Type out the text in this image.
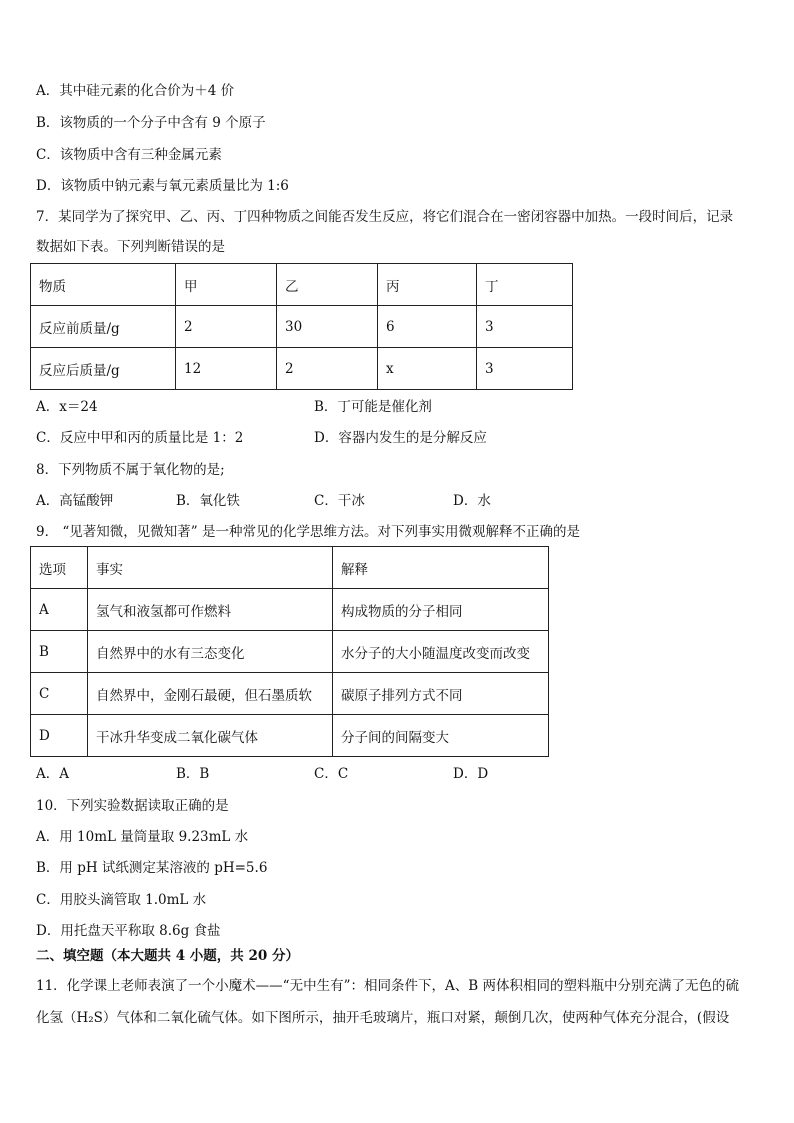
A．其中硅元素的化合价为＋4 价
B．该物质的一个分子中含有 9 个原子
C．该物质中含有三种金属元素
D．该物质中钠元素与氧元素质量比为 1:6
7．某同学为了探究甲、乙、丙、丁四种物质之间能否发生反应，将它们混合在一密闭容器中加热。一段时间后，记录
数据如下表。下列判断错误的是
物质	甲	乙	丙	丁
反应前质量/g	2	30	6	3
反应后质量/g	12	2	x	3
A．x＝24	B．丁可能是催化剂
C．反应中甲和丙的质量比是 1：2	D．容器内发生的是分解反应
8．下列物质不属于氧化物的是;
A．高锰酸钾	B．氧化铁	C．干冰	D．水
9． “见著知微，见微知著” 是一种常见的化学思维方法。对下列事实用微观解释不正确的是
选项	事实	解释
A	氢气和液氢都可作燃料	构成物质的分子相同
B	自然界中的水有三态变化	水分子的大小随温度改变而改变
C	自然界中，金刚石最硬，但石墨质软	碳原子排列方式不同
D	干冰升华变成二氧化碳气体	分子间的间隔变大
A．A	B．B	C．C	D．D
10．下列实验数据读取正确的是
A．用 10mL 量筒量取 9.23mL 水
B．用 pH 试纸测定某溶液的 pH=5.6
C．用胶头滴管取 1.0mL 水
D．用托盘天平称取 8.6g 食盐
二、填空题（本大题共 4 小题，共 20 分）
11．化学课上老师表演了一个小魔术——“无中生有”：相同条件下，A、B 两体积相同的塑料瓶中分别充满了无色的硫
化氢（H₂S）气体和二氧化硫气体。如下图所示，抽开毛玻璃片，瓶口对紧，颠倒几次，使两种气体充分混合，(假设
